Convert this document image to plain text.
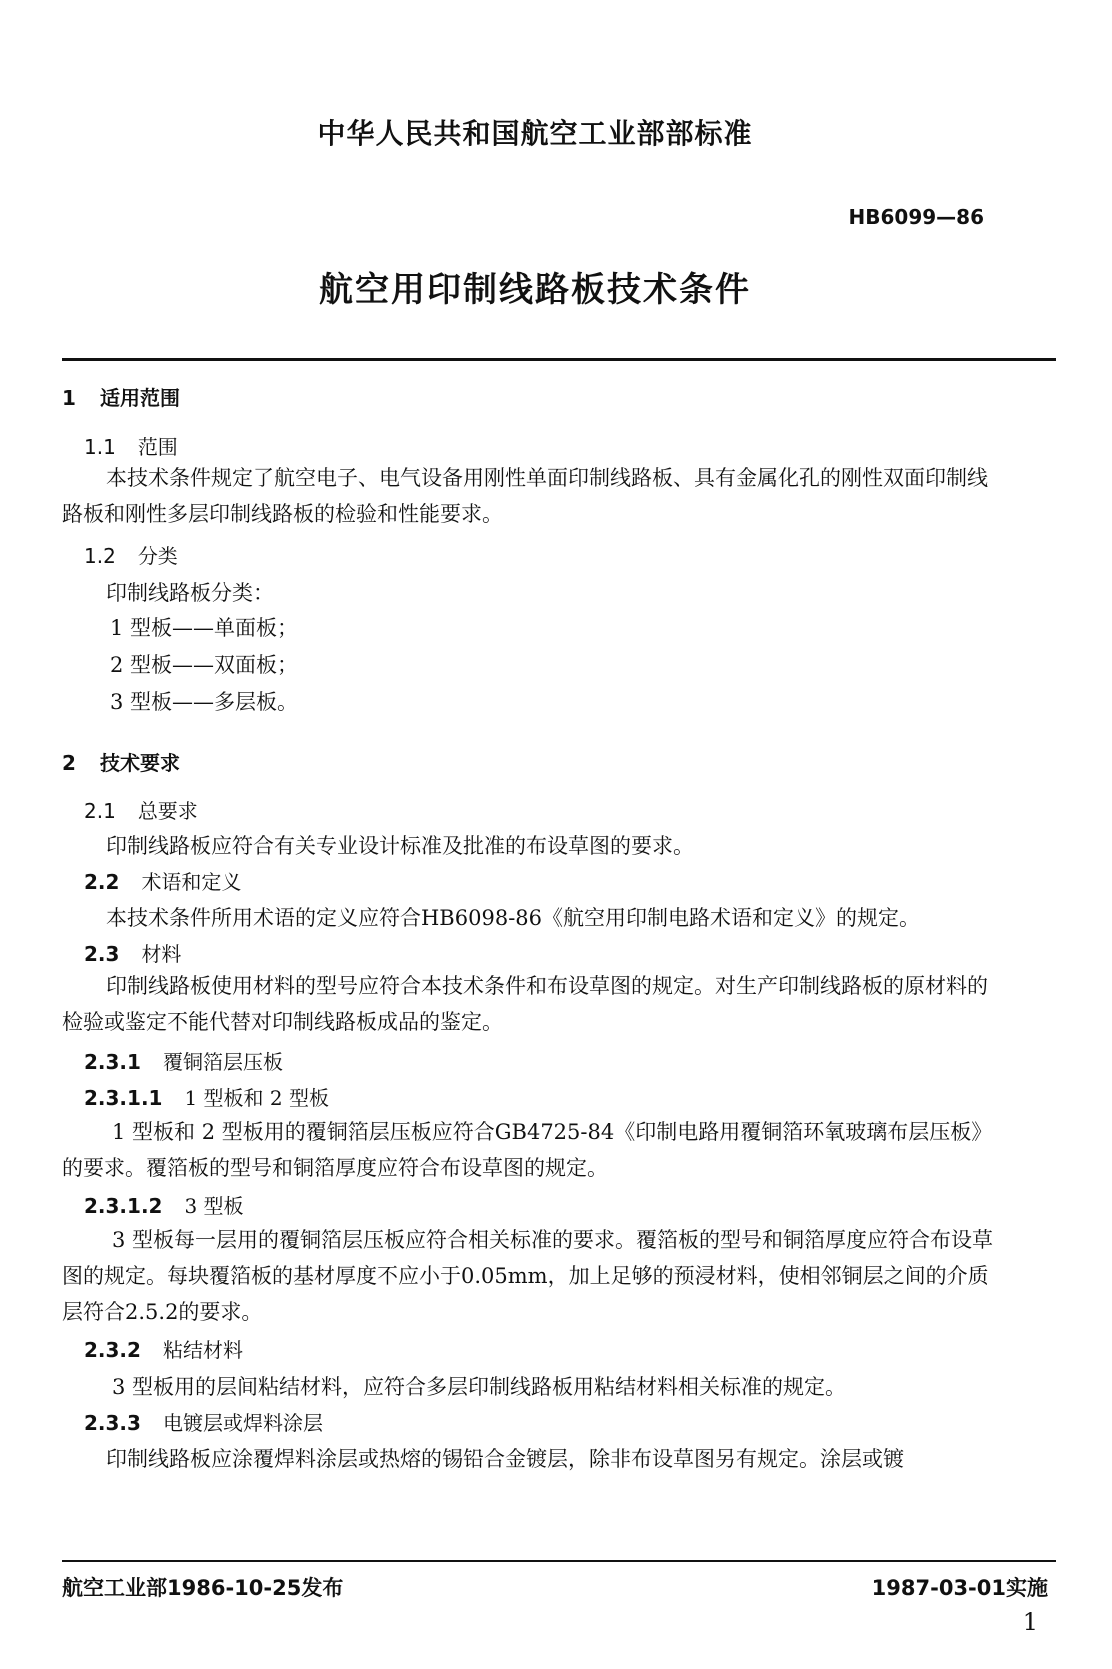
中华人民共和国航空工业部部标准
HB6099—86
航空用印制线路板技术条件
1 适用范围
1.1 范围
本技术条件规定了航空电子、电气设备用刚性单面印制线路板、具有金属化孔的刚性双面印制线路板和刚性多层印制线路板的检验和性能要求。
1.2 分类
印制线路板分类：
1 型板——单面板；
2 型板——双面板；
3 型板——多层板。
2 技术要求
2.1 总要求
印制线路板应符合有关专业设计标准及批准的布设草图的要求。
2.2 术语和定义
本技术条件所用术语的定义应符合HB6098-86《航空用印制电路术语和定义》的规定。
2.3 材料
印制线路板使用材料的型号应符合本技术条件和布设草图的规定。对生产印制线路板的原材料的检验或鉴定不能代替对印制线路板成品的鉴定。
2.3.1 覆铜箔层压板
2.3.1.1 1 型板和 2 型板
1 型板和 2 型板用的覆铜箔层压板应符合GB4725-84《印制电路用覆铜箔环氧玻璃布层压板》的要求。覆箔板的型号和铜箔厚度应符合布设草图的规定。
2.3.1.2 3 型板
3 型板每一层用的覆铜箔层压板应符合相关标准的要求。覆箔板的型号和铜箔厚度应符合布设草图的规定。每块覆箔板的基材厚度不应小于0.05mm，加上足够的预浸材料，使相邻铜层之间的介质层符合2.5.2的要求。
2.3.2 粘结材料
3 型板用的层间粘结材料，应符合多层印制线路板用粘结材料相关标准的规定。
2.3.3 电镀层或焊料涂层
印制线路板应涂覆焊料涂层或热熔的锡铅合金镀层，除非布设草图另有规定。涂层或镀
航空工业部1986-10-25发布	1987-03-01实施
1
